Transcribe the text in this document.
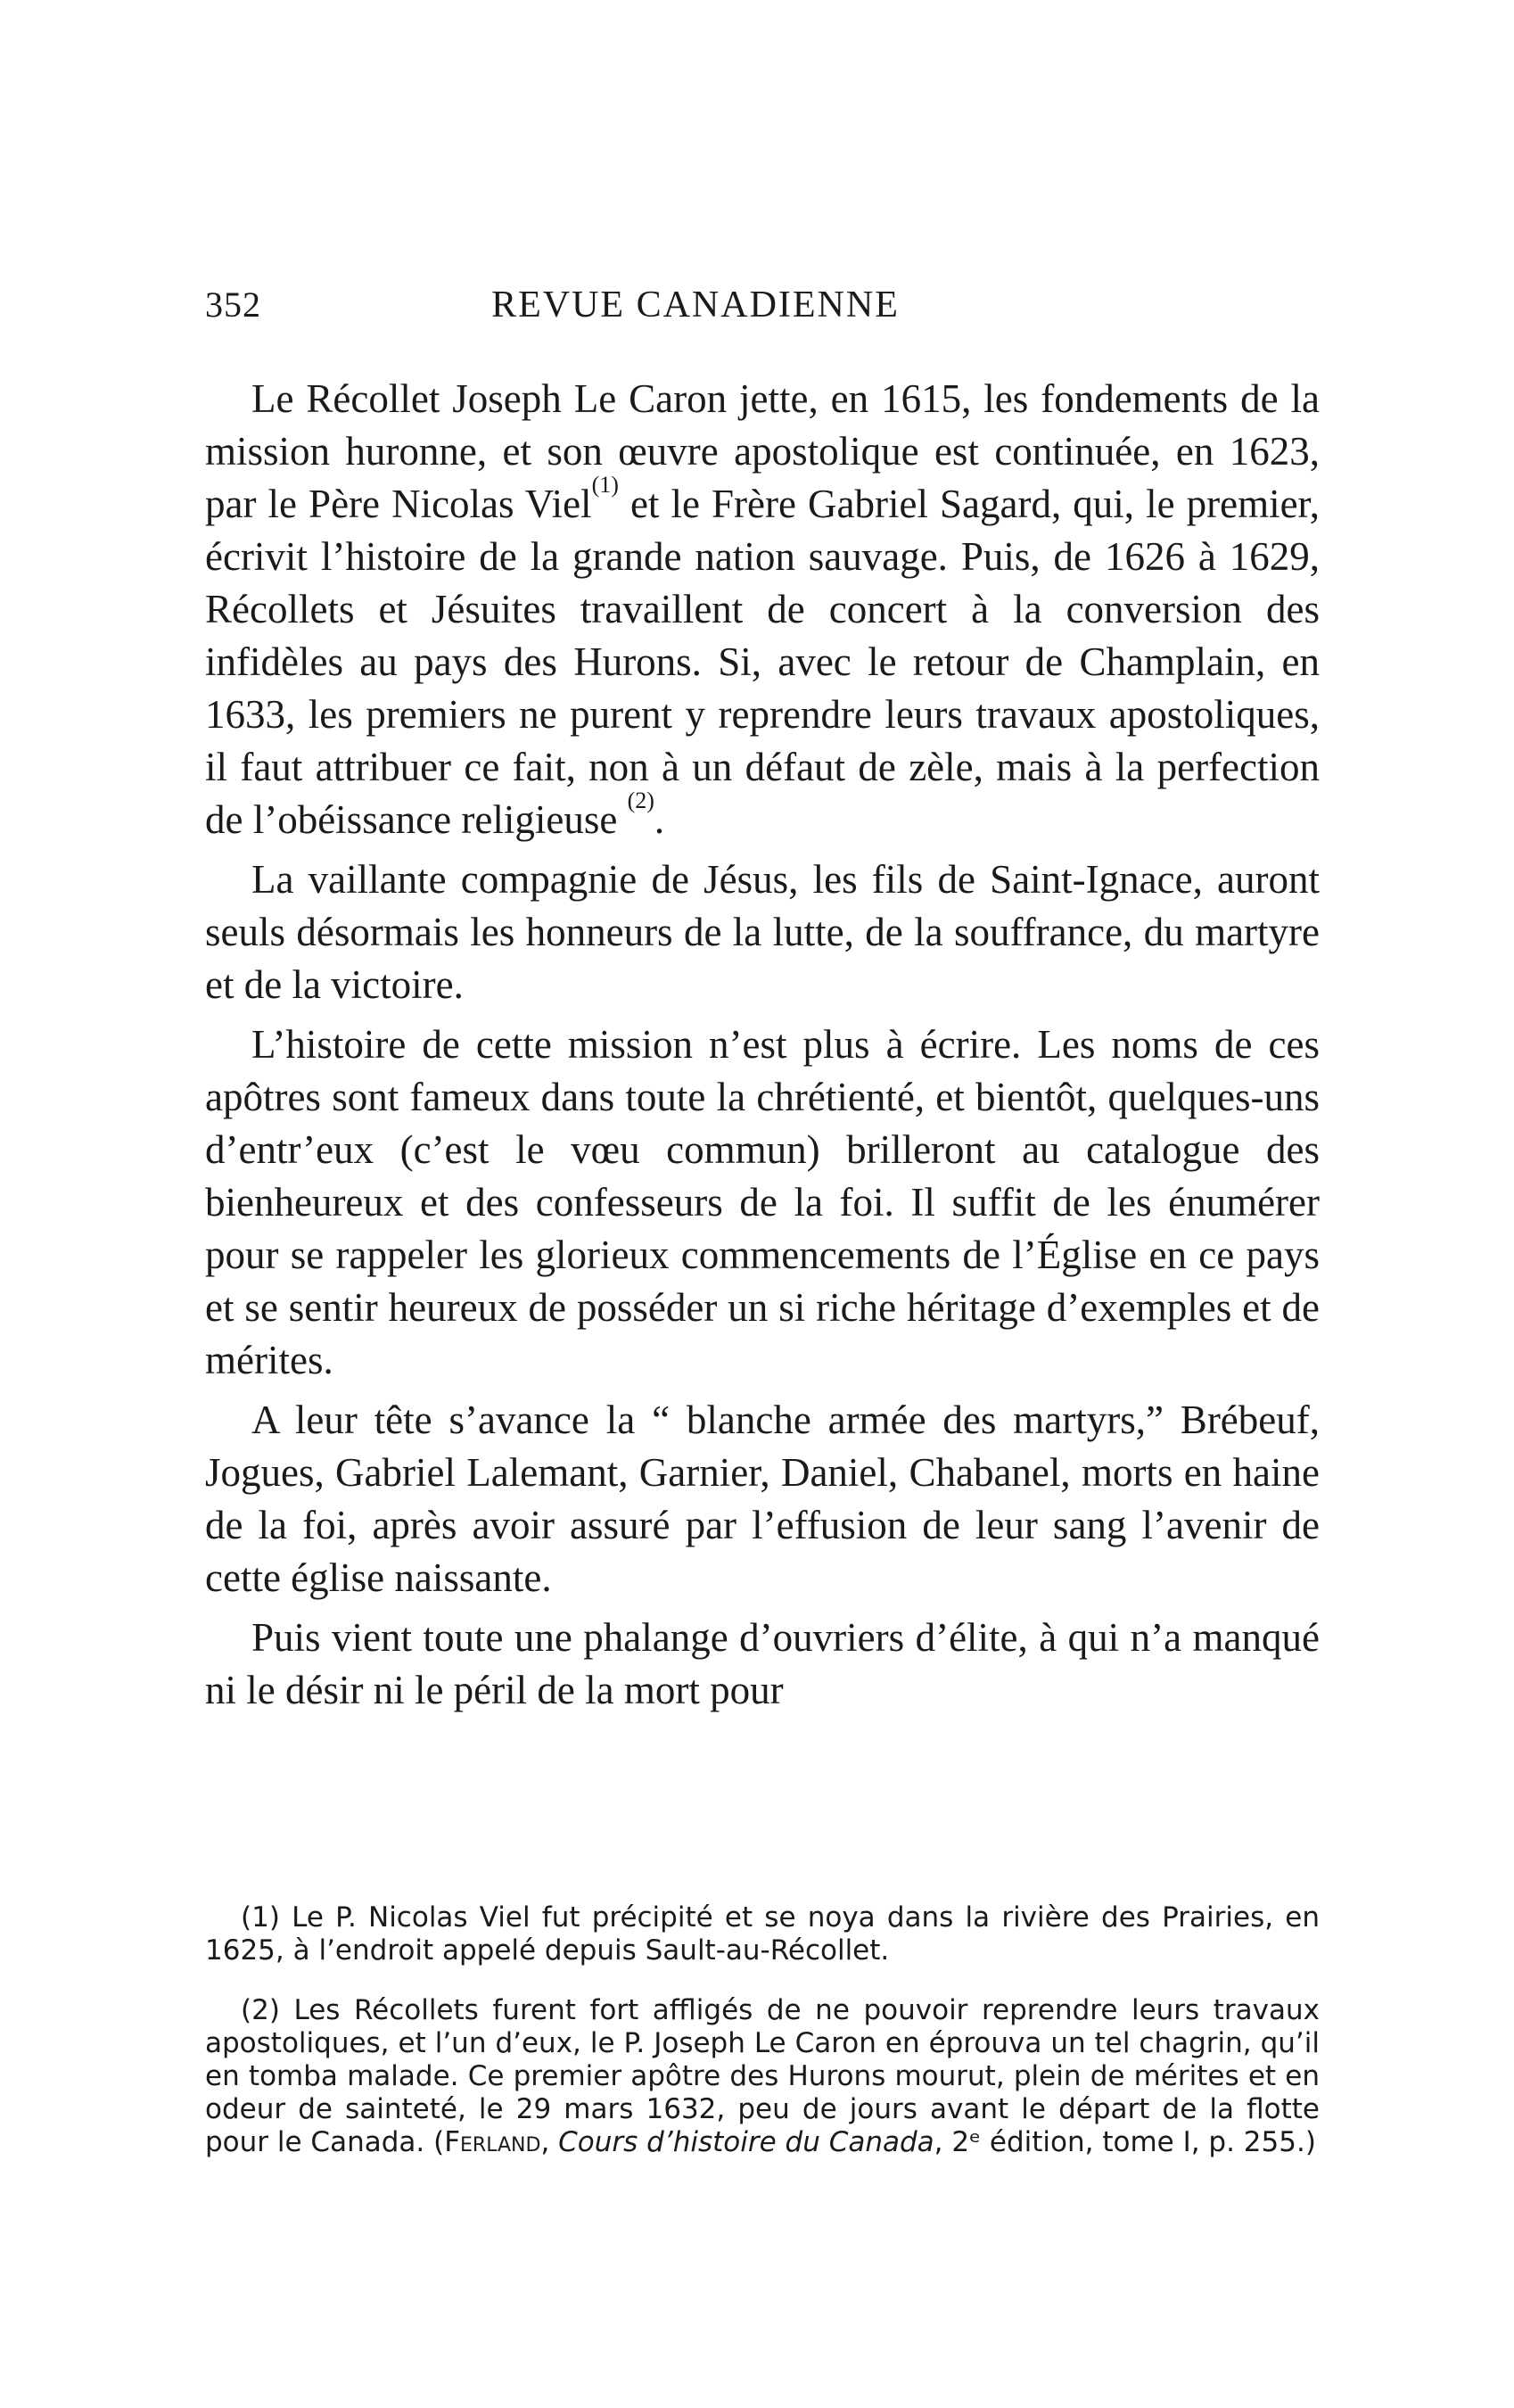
352	REVUE CANADIENNE

Le Récollet Joseph Le Caron jette, en 1615, les fondements de la mission huronne, et son œuvre apostolique est continuée, en 1623, par le Père Nicolas Viel$^{(1)}$ et le Frère Gabriel Sagard, qui, le premier, écrivit l’histoire de la grande nation sauvage. Puis, de 1626 à 1629, Récollets et Jésuites travaillent de concert à la conversion des infidèles au pays des Hurons. Si, avec le retour de Champlain, en 1633, les premiers ne purent y reprendre leurs travaux apostoliques, il faut attribuer ce fait, non à un défaut de zèle, mais à la perfection de l’obéissance religieuse $^{(2)}$.

La vaillante compagnie de Jésus, les fils de Saint-Ignace, auront seuls désormais les honneurs de la lutte, de la souffrance, du martyre et de la victoire.

L’histoire de cette mission n’est plus à écrire. Les noms de ces apôtres sont fameux dans toute la chrétienté, et bientôt, quelques-uns d’entr’eux (c’est le vœu commun) brilleront au catalogue des bienheureux et des confesseurs de la foi. Il suffit de les énumérer pour se rappeler les glorieux commencements de l’Église en ce pays et se sentir heureux de posséder un si riche héritage d’exemples et de mérites.

A leur tête s’avance la “ blanche armée des martyrs,” Brébeuf, Jogues, Gabriel Lalemant, Garnier, Daniel, Chabanel, morts en haine de la foi, après avoir assuré par l’effusion de leur sang l’avenir de cette église naissante.

Puis vient toute une phalange d’ouvriers d’élite, à qui n’a manqué ni le désir ni le péril de la mort pour

(1) Le P. Nicolas Viel fut précipité et se noya dans la rivière des Prairies, en 1625, à l’endroit appelé depuis Sault-au-Récollet.

(2) Les Récollets furent fort affligés de ne pouvoir reprendre leurs travaux apostoliques, et l’un d’eux, le P. Joseph Le Caron en éprouva un tel chagrin, qu’il en tomba malade. Ce premier apôtre des Hurons mourut, plein de mérites et en odeur de sainteté, le 29 mars 1632, peu de jours avant le départ de la flotte pour le Canada. (Ferland, Cours d’histoire du Canada, 2ᵉ édition, tome I, p. 255.)
